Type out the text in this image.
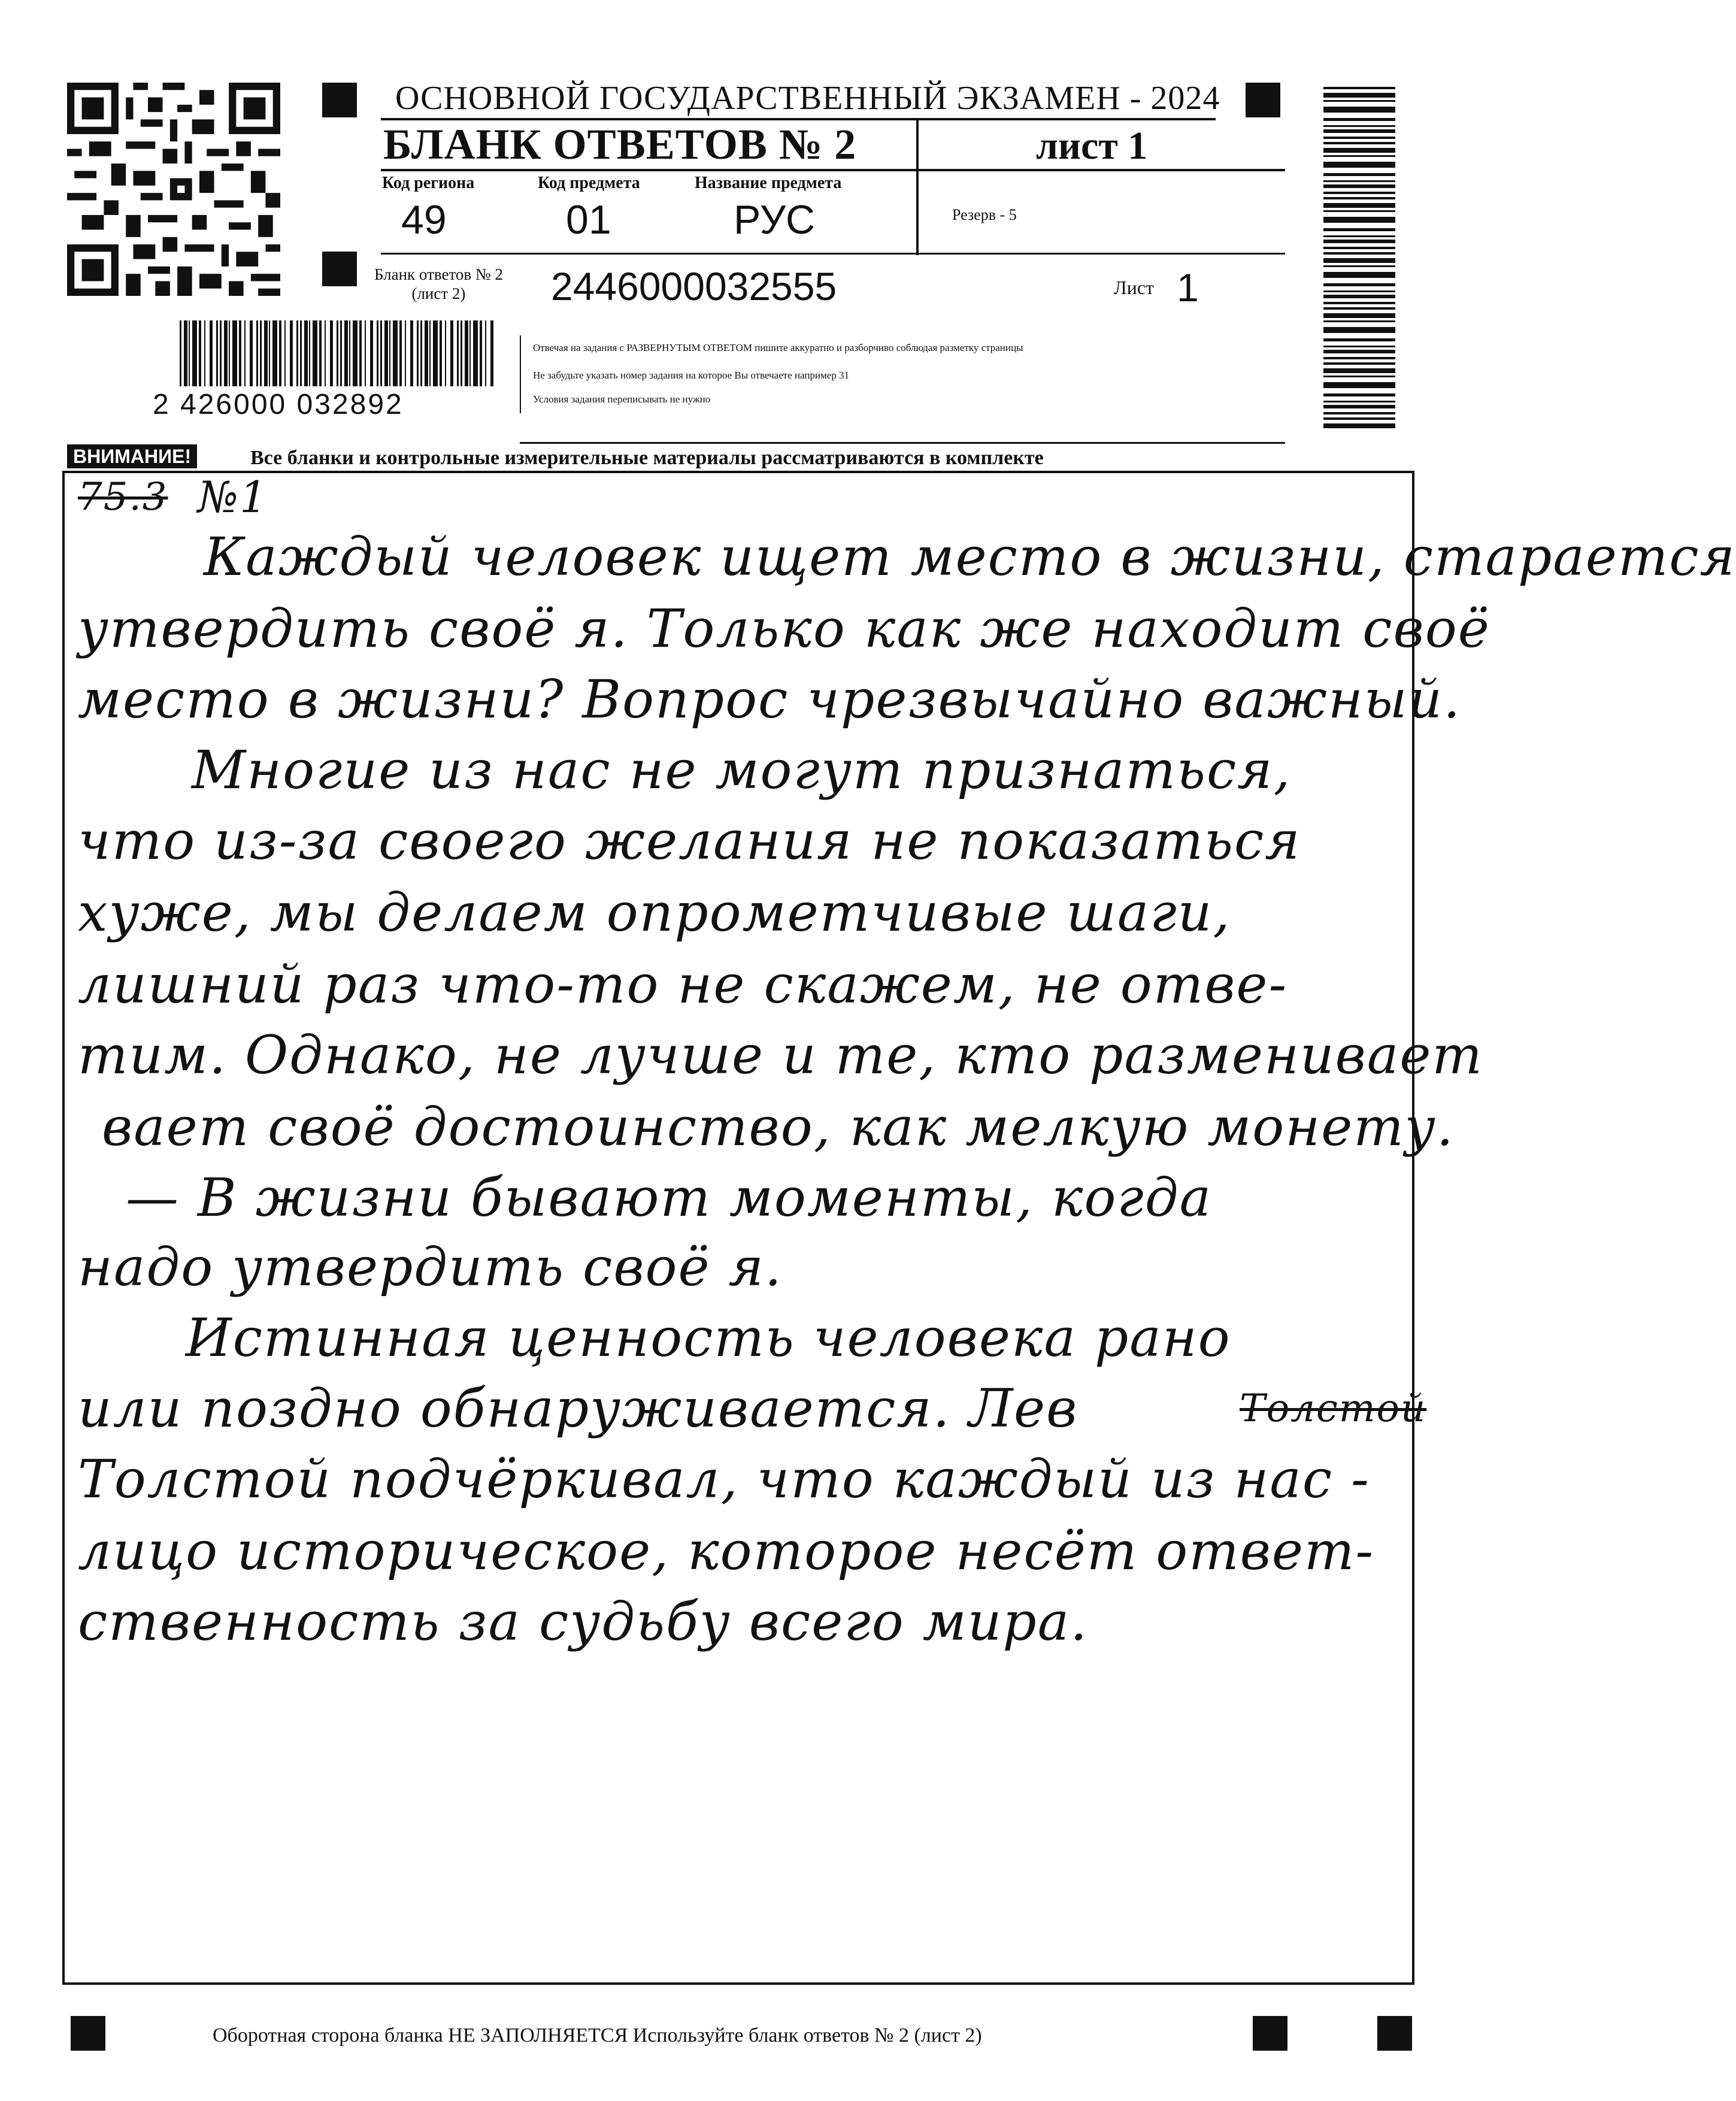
2 426000 032892
ОСНОВНОЙ ГОСУДАРСТВЕННЫЙ ЭКЗАМЕН - 2024
БЛАНК ОТВЕТОВ № 2	лист 1
Код региона
49
Код предмета
01
Название предмета
РУС	Резерв - 5
Бланк ответов № 2
(лист 2)	2446000032555	Лист 1
Отвечая на задания с РАЗВЕРНУТЫМ ОТВЕТОМ пишите аккуратно и разборчиво соблюдая разметку страницы
Не забудьте указать номер задания на которое Вы отвечаете например 31
Условия задания переписывать не нужно
ВНИМАНИЕ!	Все бланки и контрольные измерительные материалы рассматриваются в комплекте
75.3 №1
Каждый человек ищет место в жизни, старается
утвердить своё я. Только как же находит своё
место в жизни? Вопрос чрезвычайно важный.
Многие из нас не могут признаться,
что из-за своего желания не показаться
хуже, мы делаем опрометчивые шаги,
лишний раз что-то не скажем, не отве-
тим. Однако, не лучше и те, кто разменивает
вает своё достоинство, как мелкую монету.
— В жизни бывают моменты, когда
надо утвердить своё я.
Истинная ценность человека рано
или поздно обнаруживается. Лев	Толстой
Толстой подчёркивал, что каждый из нас -
лицо историческое, которое несёт ответ-
ственность за судьбу всего мира.
Оборотная сторона бланка НЕ ЗАПОЛНЯЕТСЯ Используйте бланк ответов № 2 (лист 2)
